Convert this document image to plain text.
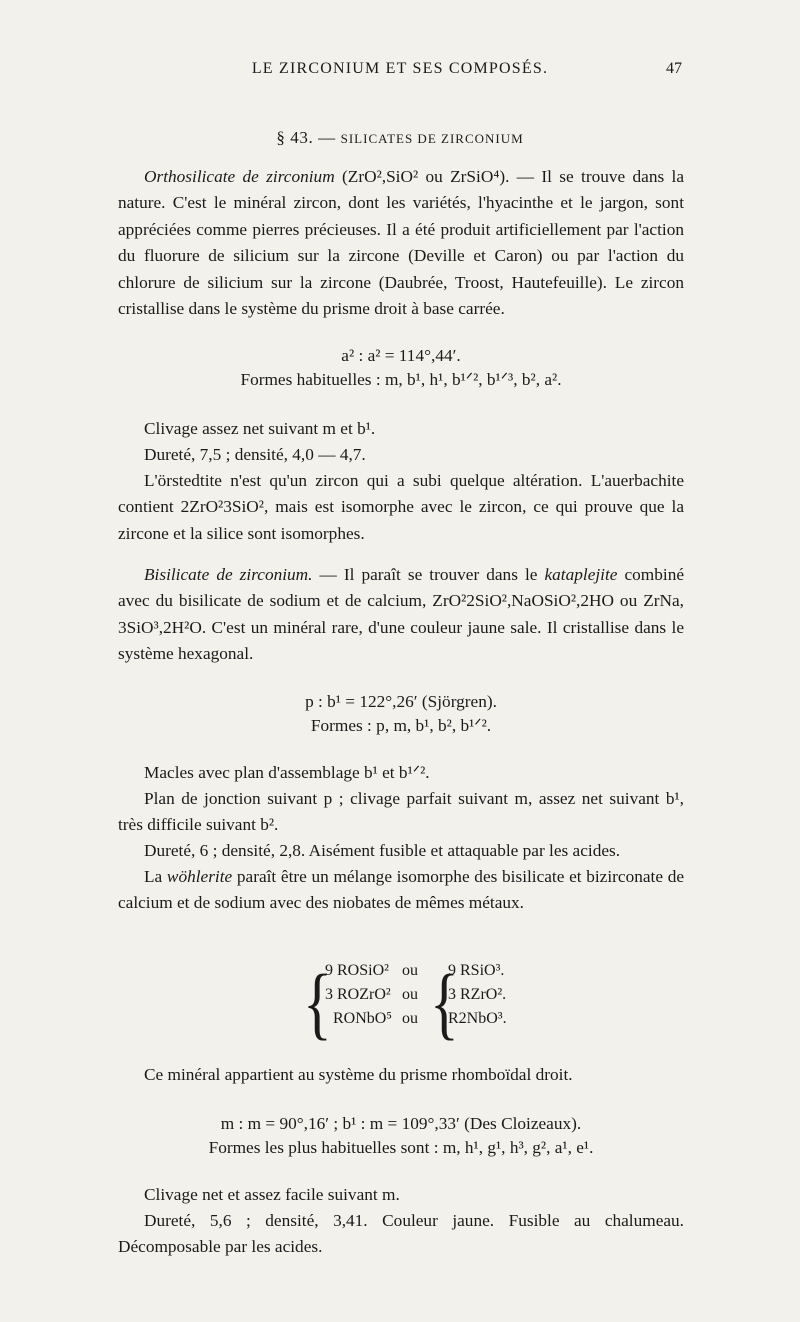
LE ZIRCONIUM ET SES COMPOSÉS.	47
§ 43. — SILICATES DE ZIRCONIUM

Orthosilicate de zirconium (ZrO²,SiO² ou ZrSiO⁴). — Il se trouve dans la nature. C'est le minéral zircon, dont les variétés, l'hyacinthe et le jargon, sont appréciées comme pierres précieuses. Il a été produit artificiellement par l'action du fluorure de silicium sur la zircone (Deville et Caron) ou par l'action du chlorure de silicium sur la zircone (Daubrée, Troost, Hautefeuille). Le zircon cristallise dans le système du prisme droit à base carrée.

a² : a² = 114°,44′.
Formes habituelles : m, b¹, h¹, b¹ᐟ², b¹ᐟ³, b², a².

Clivage assez net suivant m et b¹.

Dureté, 7,5 ; densité, 4,0 — 4,7.

L'örstedtite n'est qu'un zircon qui a subi quelque altération. L'auerbachite contient 2ZrO²3SiO², mais est isomorphe avec le zircon, ce qui prouve que la zircone et la silice sont isomorphes.

Bisilicate de zirconium. — Il paraît se trouver dans le kataplejite combiné avec du bisilicate de sodium et de calcium, ZrO²2SiO²,NaOSiO²,2HO ou ZrNa, 3SiO³,2H²O. C'est un minéral rare, d'une couleur jaune sale. Il cristallise dans le système hexagonal.

p : b¹ = 122°,26′ (Sjörgren).
Formes : p, m, b¹, b², b¹ᐟ².

Macles avec plan d'assemblage b¹ et b¹ᐟ².

Plan de jonction suivant p ; clivage parfait suivant m, assez net suivant b¹, très difficile suivant b².

Dureté, 6 ; densité, 2,8. Aisément fusible et attaquable par les acides.

La wöhlerite paraît être un mélange isomorphe des bisilicate et bizirconate de calcium et de sodium avec des niobates de mêmes métaux.

{ {
9 ROSiO² ou 9 RSiO³.
3 ROZrO² ou 3 RZrO².
RONbO⁵ ou R2NbO³.

Ce minéral appartient au système du prisme rhomboïdal droit.

m : m = 90°,16′ ; b¹ : m = 109°,33′ (Des Cloizeaux).
Formes les plus habituelles sont : m, h¹, g¹, h³, g², a¹, e¹.

Clivage net et assez facile suivant m.

Dureté, 5,6 ; densité, 3,41. Couleur jaune. Fusible au chalumeau. Décomposable par les acides.
